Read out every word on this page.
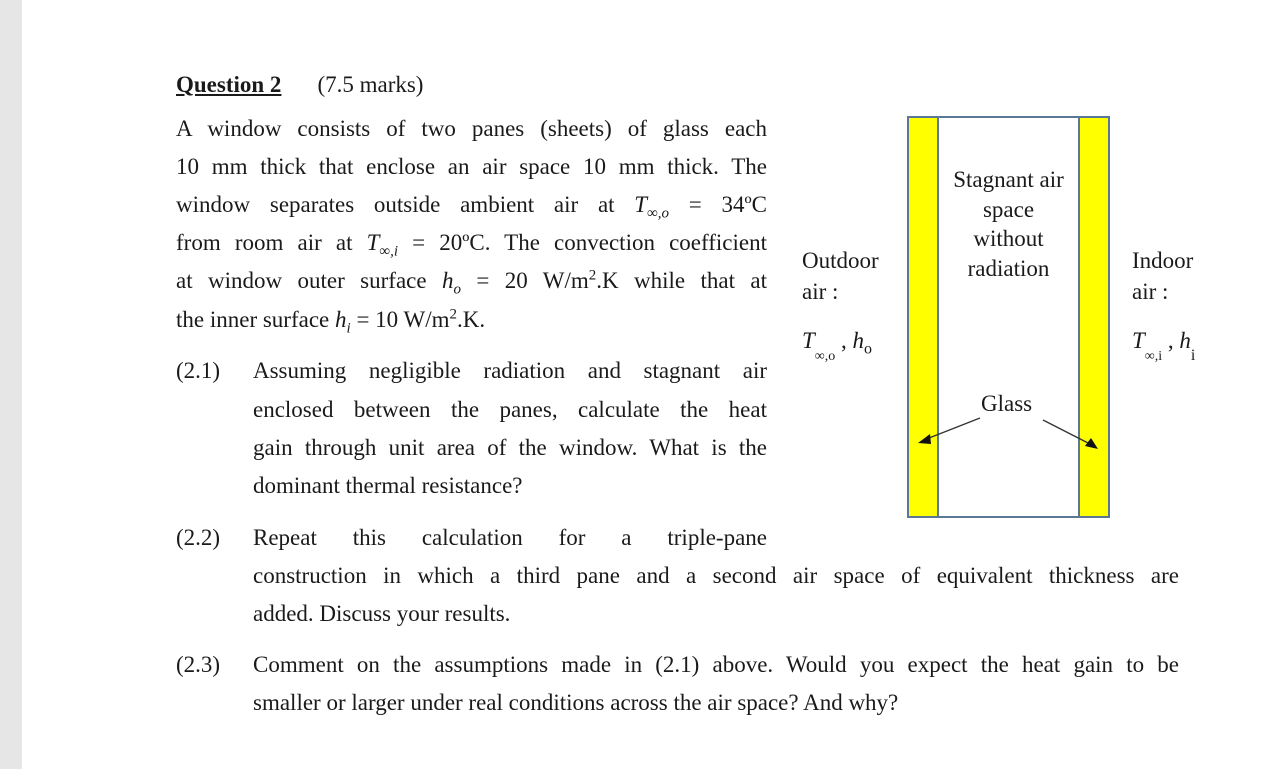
Question 2 (7.5 marks)
A window consists of two panes (sheets) of glass each
10 mm thick that enclose an air space 10 mm thick. The
window separates outside ambient air at $T_{\infty,o}$ = 34ºC
from room air at $T_{\infty,i}$ = 20ºC. The convection coefficient
at window outer surface $h_o = 20$ $W/m^2.K$ while that at
the inner surface $h_i = 10$ $W/m^2.K$.
(2.1) Assuming negligible radiation and stagnant air
enclosed between the panes, calculate the heat
gain through unit area of the window. What is the
dominant thermal resistance?
(2.2) Repeat this calculation for a triple-pane
construction in which a third pane and a second air space of equivalent thickness are
added. Discuss your results.
(2.3) Comment on the assumptions made in (2.1) above. Would you expect the heat gain to be
smaller or larger under real conditions across the air space? And why?
Stagnant air
space
without
radiation
Outdoor
air :
$T_{\infty,o}$ , $h_o$
Indoor
air :
$T_{\infty,i}$ , $h_i$
Glass
